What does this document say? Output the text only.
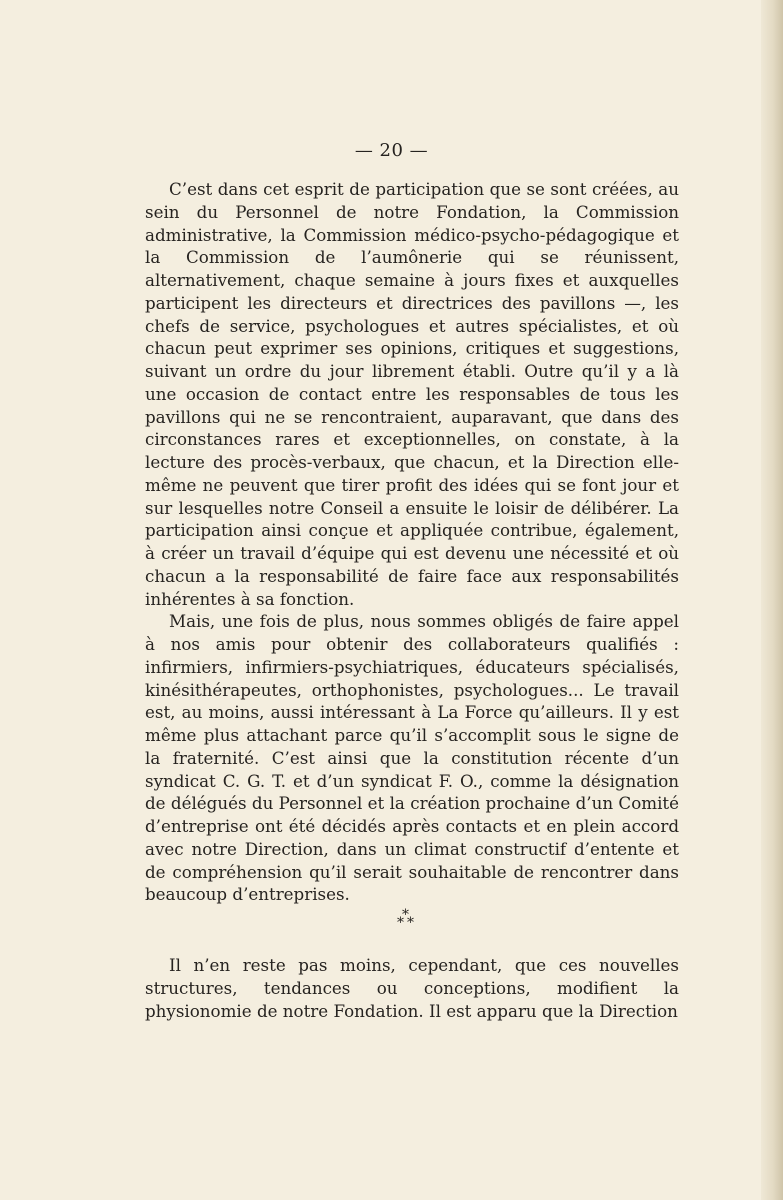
— 20 —

C’est dans cet esprit de participation que se sont créées, au sein du Personnel de notre Fondation, la Commission administrative, la Commission médico-psycho-pédagogique et la Commission de l’aumônerie qui se réunissent, alternativement, chaque semaine à jours fixes et auxquelles participent les directeurs et directrices des pavillons —, les chefs de service, psychologues et autres spécialistes, et où chacun peut exprimer ses opinions, critiques et suggestions, suivant un ordre du jour librement établi. Outre qu’il y a là une occasion de contact entre les responsables de tous les pavillons qui ne se rencontraient, auparavant, que dans des circonstances rares et exceptionnelles, on constate, à la lecture des procès-verbaux, que chacun, et la Direction elle-même ne peuvent que tirer profit des idées qui se font jour et sur lesquelles notre Conseil a ensuite le loisir de délibérer. La participation ainsi conçue et appliquée contribue, également, à créer un travail d’équipe qui est devenu une nécessité et où chacun a la responsabilité de faire face aux responsabilités inhérentes à sa fonction.

Mais, une fois de plus, nous sommes obligés de faire appel à nos amis pour obtenir des collaborateurs qualifiés : infirmiers, infirmiers-psychiatriques, éducateurs spécialisés, kinésithérapeutes, orthophonistes, psychologues... Le travail est, au moins, aussi intéressant à La Force qu’ailleurs. Il y est même plus attachant parce qu’il s’accomplit sous le signe de la fraternité. C’est ainsi que la constitution récente d’un syndicat C. G. T. et d’un syndicat F. O., comme la désignation de délégués du Personnel et la création prochaine d’un Comité d’entreprise ont été décidés après contacts et en plein accord avec notre Direction, dans un climat constructif d’entente et de compréhension qu’il serait souhaitable de rencontrer dans beaucoup d’entreprises.

*
* *

Il n’en reste pas moins, cependant, que ces nouvelles structures, tendances ou conceptions, modifient la physionomie de notre Fondation. Il est apparu que la Direction
